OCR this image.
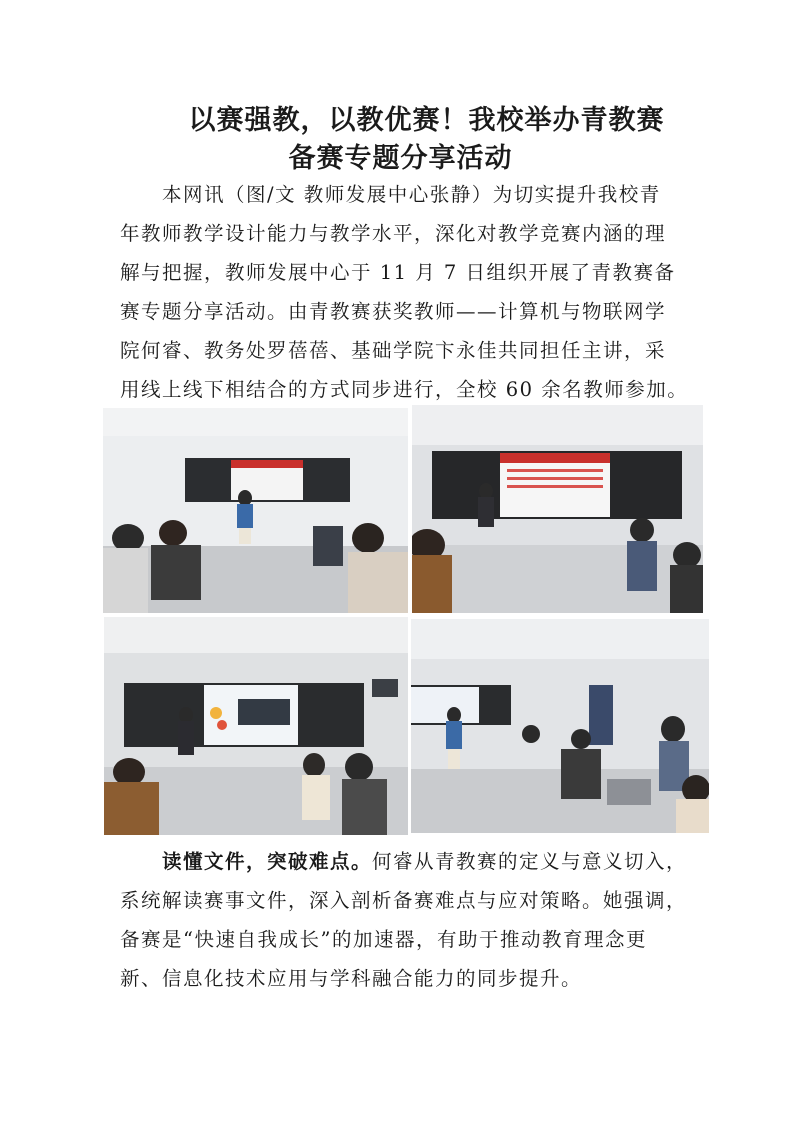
以赛强教，以教优赛！我校举办青教赛
备赛专题分享活动
　　本网讯（图/文 教师发展中心张静）为切实提升我校青
年教师教学设计能力与教学水平，深化对教学竞赛内涵的理
解与把握，教师发展中心于 11 月 7 日组织开展了青教赛备
赛专题分享活动。由青教赛获奖教师——计算机与物联网学
院何睿、教务处罗蓓蓓、基础学院卞永佳共同担任主讲，采
用线上线下相结合的方式同步进行，全校 60 余名教师参加。
　　读懂文件，突破难点。何睿从青教赛的定义与意义切入，
系统解读赛事文件，深入剖析备赛难点与应对策略。她强调，
备赛是“快速自我成长”的加速器，有助于推动教育理念更
新、信息化技术应用与学科融合能力的同步提升。
